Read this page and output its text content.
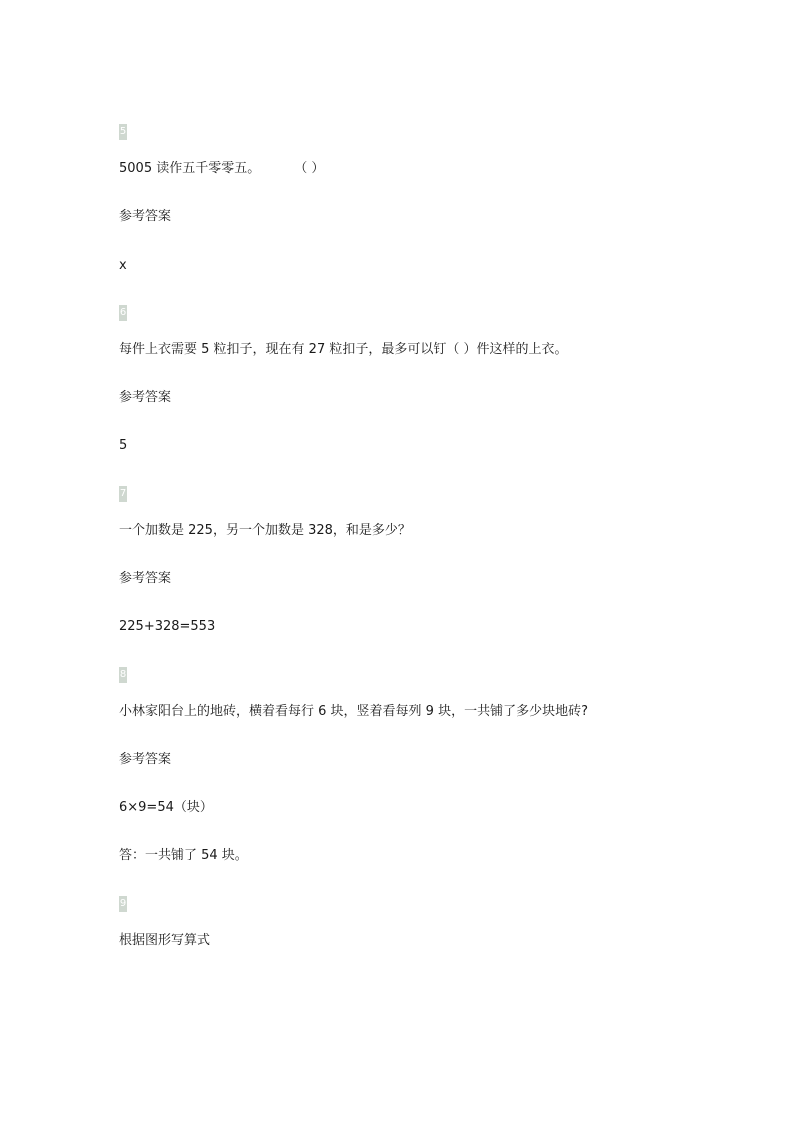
5
5005 读作五千零零五。	（ ）
参考答案
x
6
每件上衣需要 5 粒扣子，现在有 27 粒扣子，最多可以钉（ ）件这样的上衣。
参考答案
5
7
一个加数是 225，另一个加数是 328，和是多少？
参考答案
225+328=553
8
小林家阳台上的地砖，横着看每行 6 块，竖着看每列 9 块，一共铺了多少块地砖?
参考答案
6×9=54（块）
答：一共铺了 54 块。
9
根据图形写算式
